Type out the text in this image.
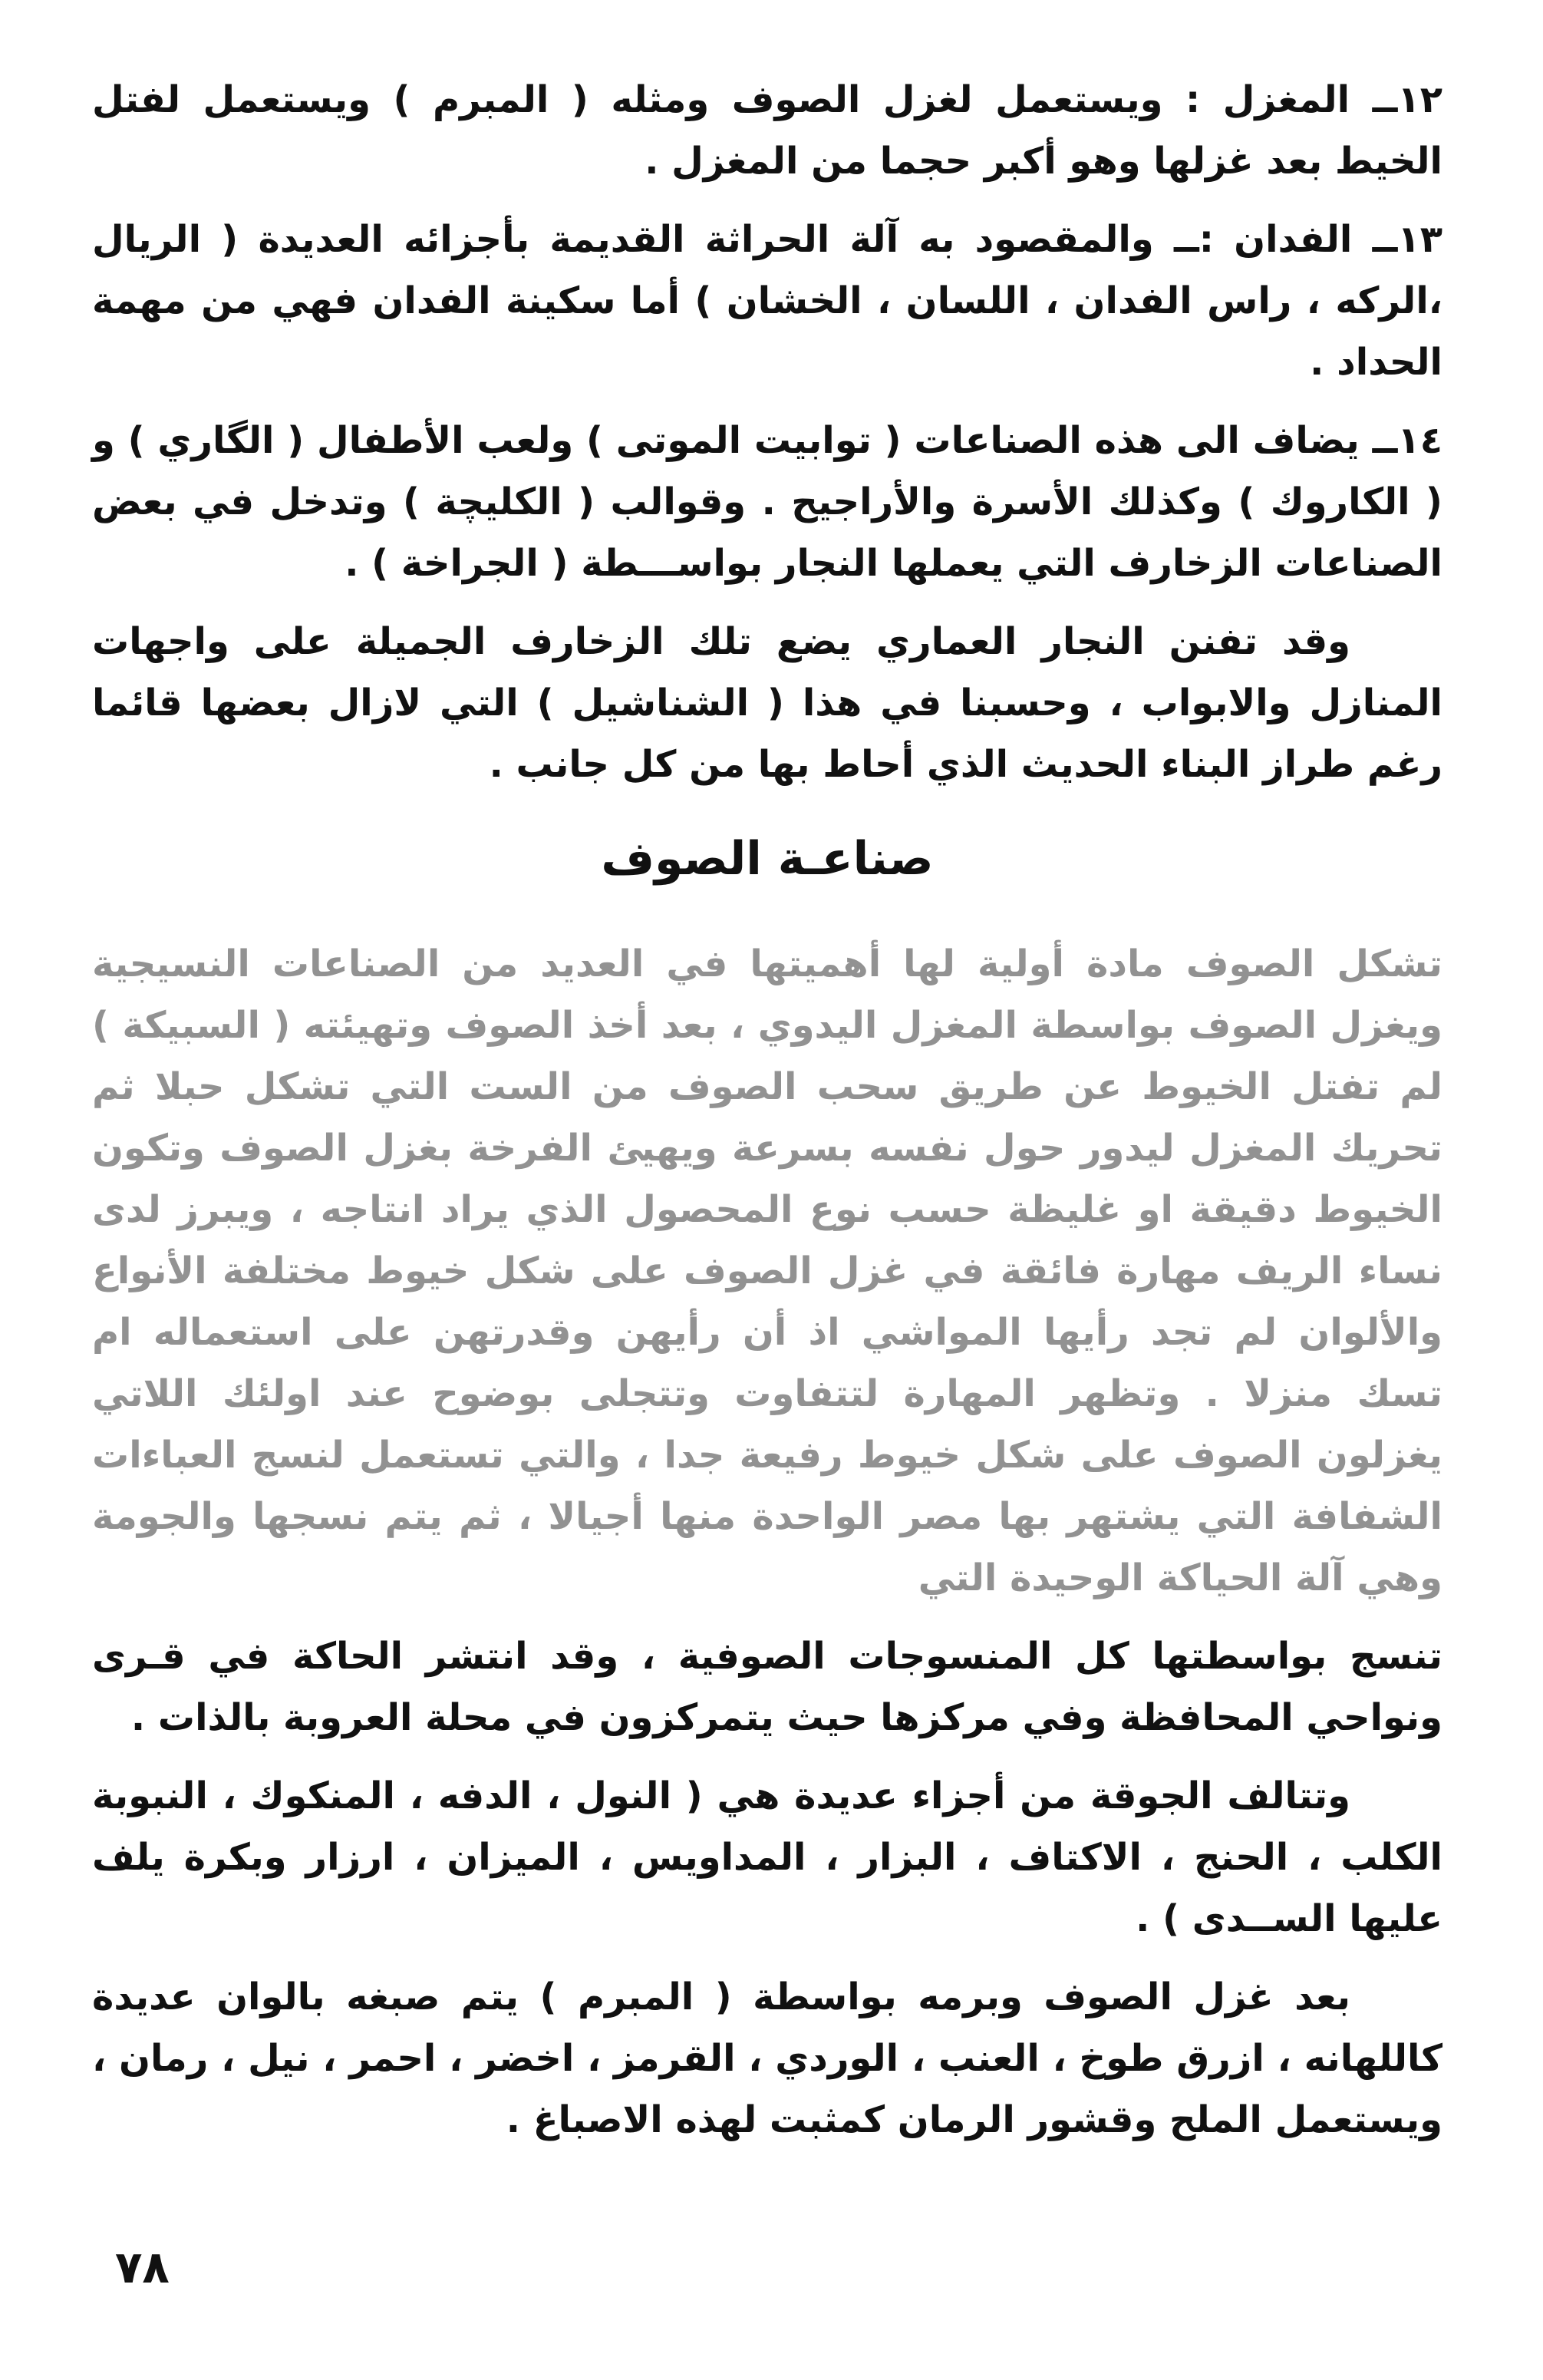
١٢ــ المغزل : ويستعمل لغزل الصوف ومثله ( المبرم ) ويستعمل لفتل الخيط بعد غزلها وهو أكبر حجما من المغزل .

١٣ــ الفدان :ــ والمقصود به آلة الحراثة القديمة بأجزائه العديدة ( الريال ،الركه ، راس الفدان ، اللسان ، الخشان ) أما سكينة الفدان فهي من مهمة الحداد .

١٤ــ يضاف الى هذه الصناعات ( توابيت الموتى ) ولعب الأطفال ( الگاري ) و ( الكاروك ) وكذلك الأسرة والأراجيح . وقوالب ( الكليچة ) وتدخل في بعض الصناعات الزخارف التي يعملها النجار بواســـطة ( الجراخة ) .

وقد تفنن النجار العماري يضع تلك الزخارف الجميلة على واجهات المنازل والابواب ، وحسبنا في هذا ( الشناشيل ) التي لازال بعضها قائما رغم طراز البناء الحديث الذي أحاط بها من كل جانب .

صناعـة الصوف

تشكل الصوف مادة أولية لها أهميتها في العديد من الصناعات النسيجية ويغزل الصوف بواسطة المغزل اليدوي ، بعد أخذ الصوف وتهيئته ( السبيكة ) لم تفتل الخيوط عن طريق سحب الصوف من الست التي تشكل حبلا ثم تحريك المغزل ليدور حول نفسه بسرعة ويهيئ الفرخة بغزل الصوف وتكون الخيوط دقيقة او غليظة حسب نوع المحصول الذي يراد انتاجه ، ويبرز لدى نساء الريف مهارة فائقة في غزل الصوف على شكل خيوط مختلفة الأنواع والألوان لم تجد رأيها المواشي اذ أن رأيهن وقدرتهن على استعماله ام تسك منزلا . وتظهر المهارة لتتفاوت وتتجلى بوضوح عند اولئك اللاتي يغزلون الصوف على شكل خيوط رفيعة جدا ، والتي تستعمل لنسج العباءات الشفافة التي يشتهر بها مصر الواحدة منها أجيالا ، ثم يتم نسجها والجومة وهي آلة الحياكة الوحيدة التي

تنسج بواسطتها كل المنسوجات الصوفية ، وقد انتشر الحاكة في قـرى ونواحي المحافظة وفي مركزها حيث يتمركزون في محلة العروبة بالذات .

وتتالف الجوقة من أجزاء عديدة هي ( النول ، الدفه ، المنكوك ، النبوبة الكلب ، الحنج ، الاكتاف ، البزار ، المداويس ، الميزان ، ارزار وبكرة يلف عليها الســدى ) .

بعد غزل الصوف وبرمه بواسطة ( المبرم ) يتم صبغه بالوان عديدة كاللهانه ، ازرق طوخ ، العنب ، الوردي ، القرمز ، اخضر ، احمر ، نيل ، رمان ، ويستعمل الملح وقشور الرمان كمثبت لهذه الاصباغ .

٧٨
